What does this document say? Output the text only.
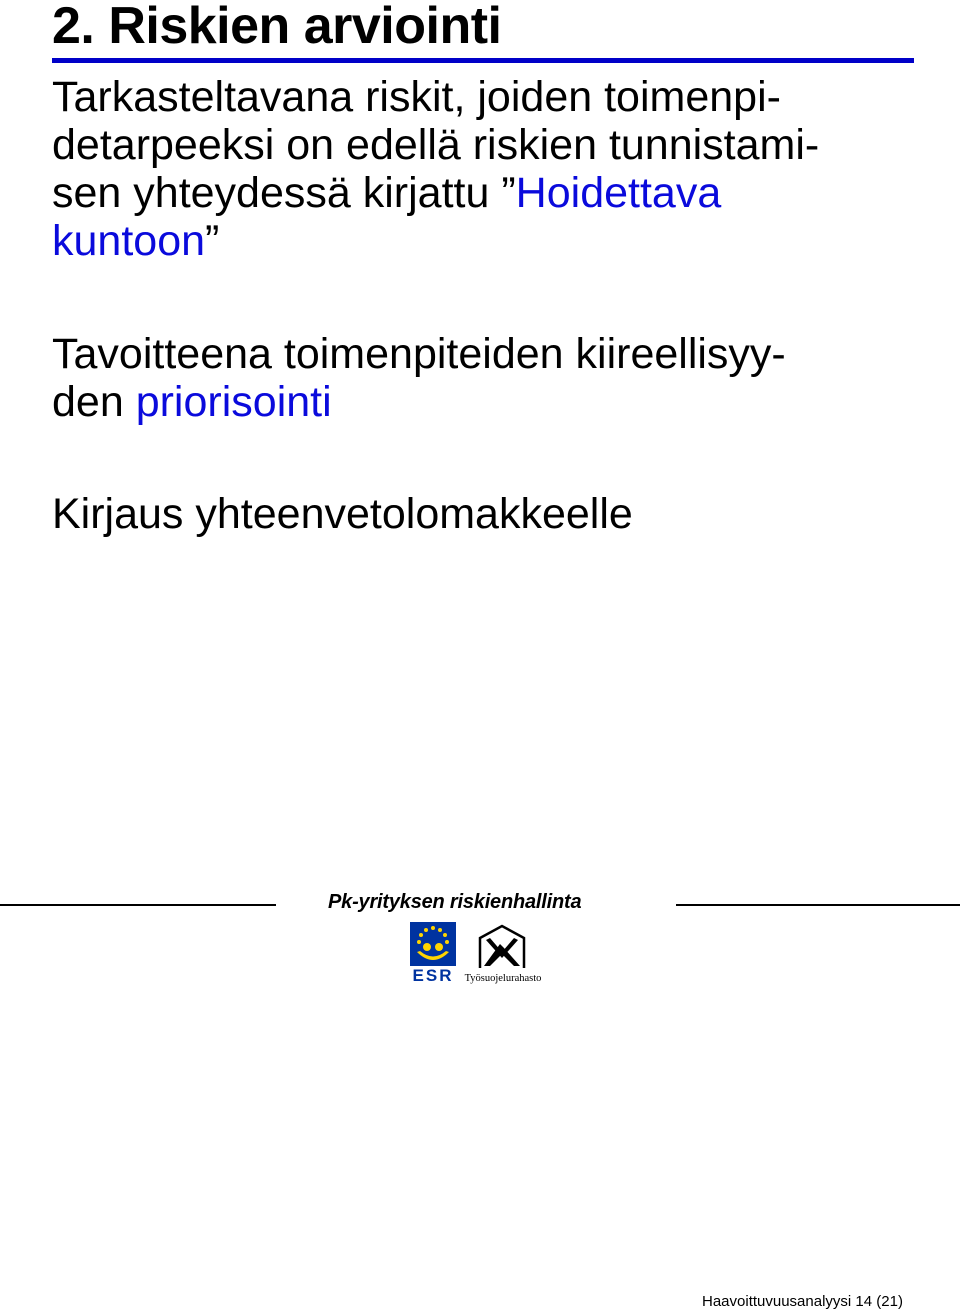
2. Riskien arviointi

Tarkasteltavana riskit, joiden toimenpi-
detarpeeksi on edellä riskien tunnistami-
sen yhteydessä kirjattu ”Hoidettava
kuntoon”

Tavoitteena toimenpiteiden kiireellisyy-
den priorisointi

Kirjaus yhteenvetolomakkeelle

Pk-yrityksen riskienhallinta
ESR Työsuojelurahasto
Haavoittuvuusanalyysi 14 (21)
